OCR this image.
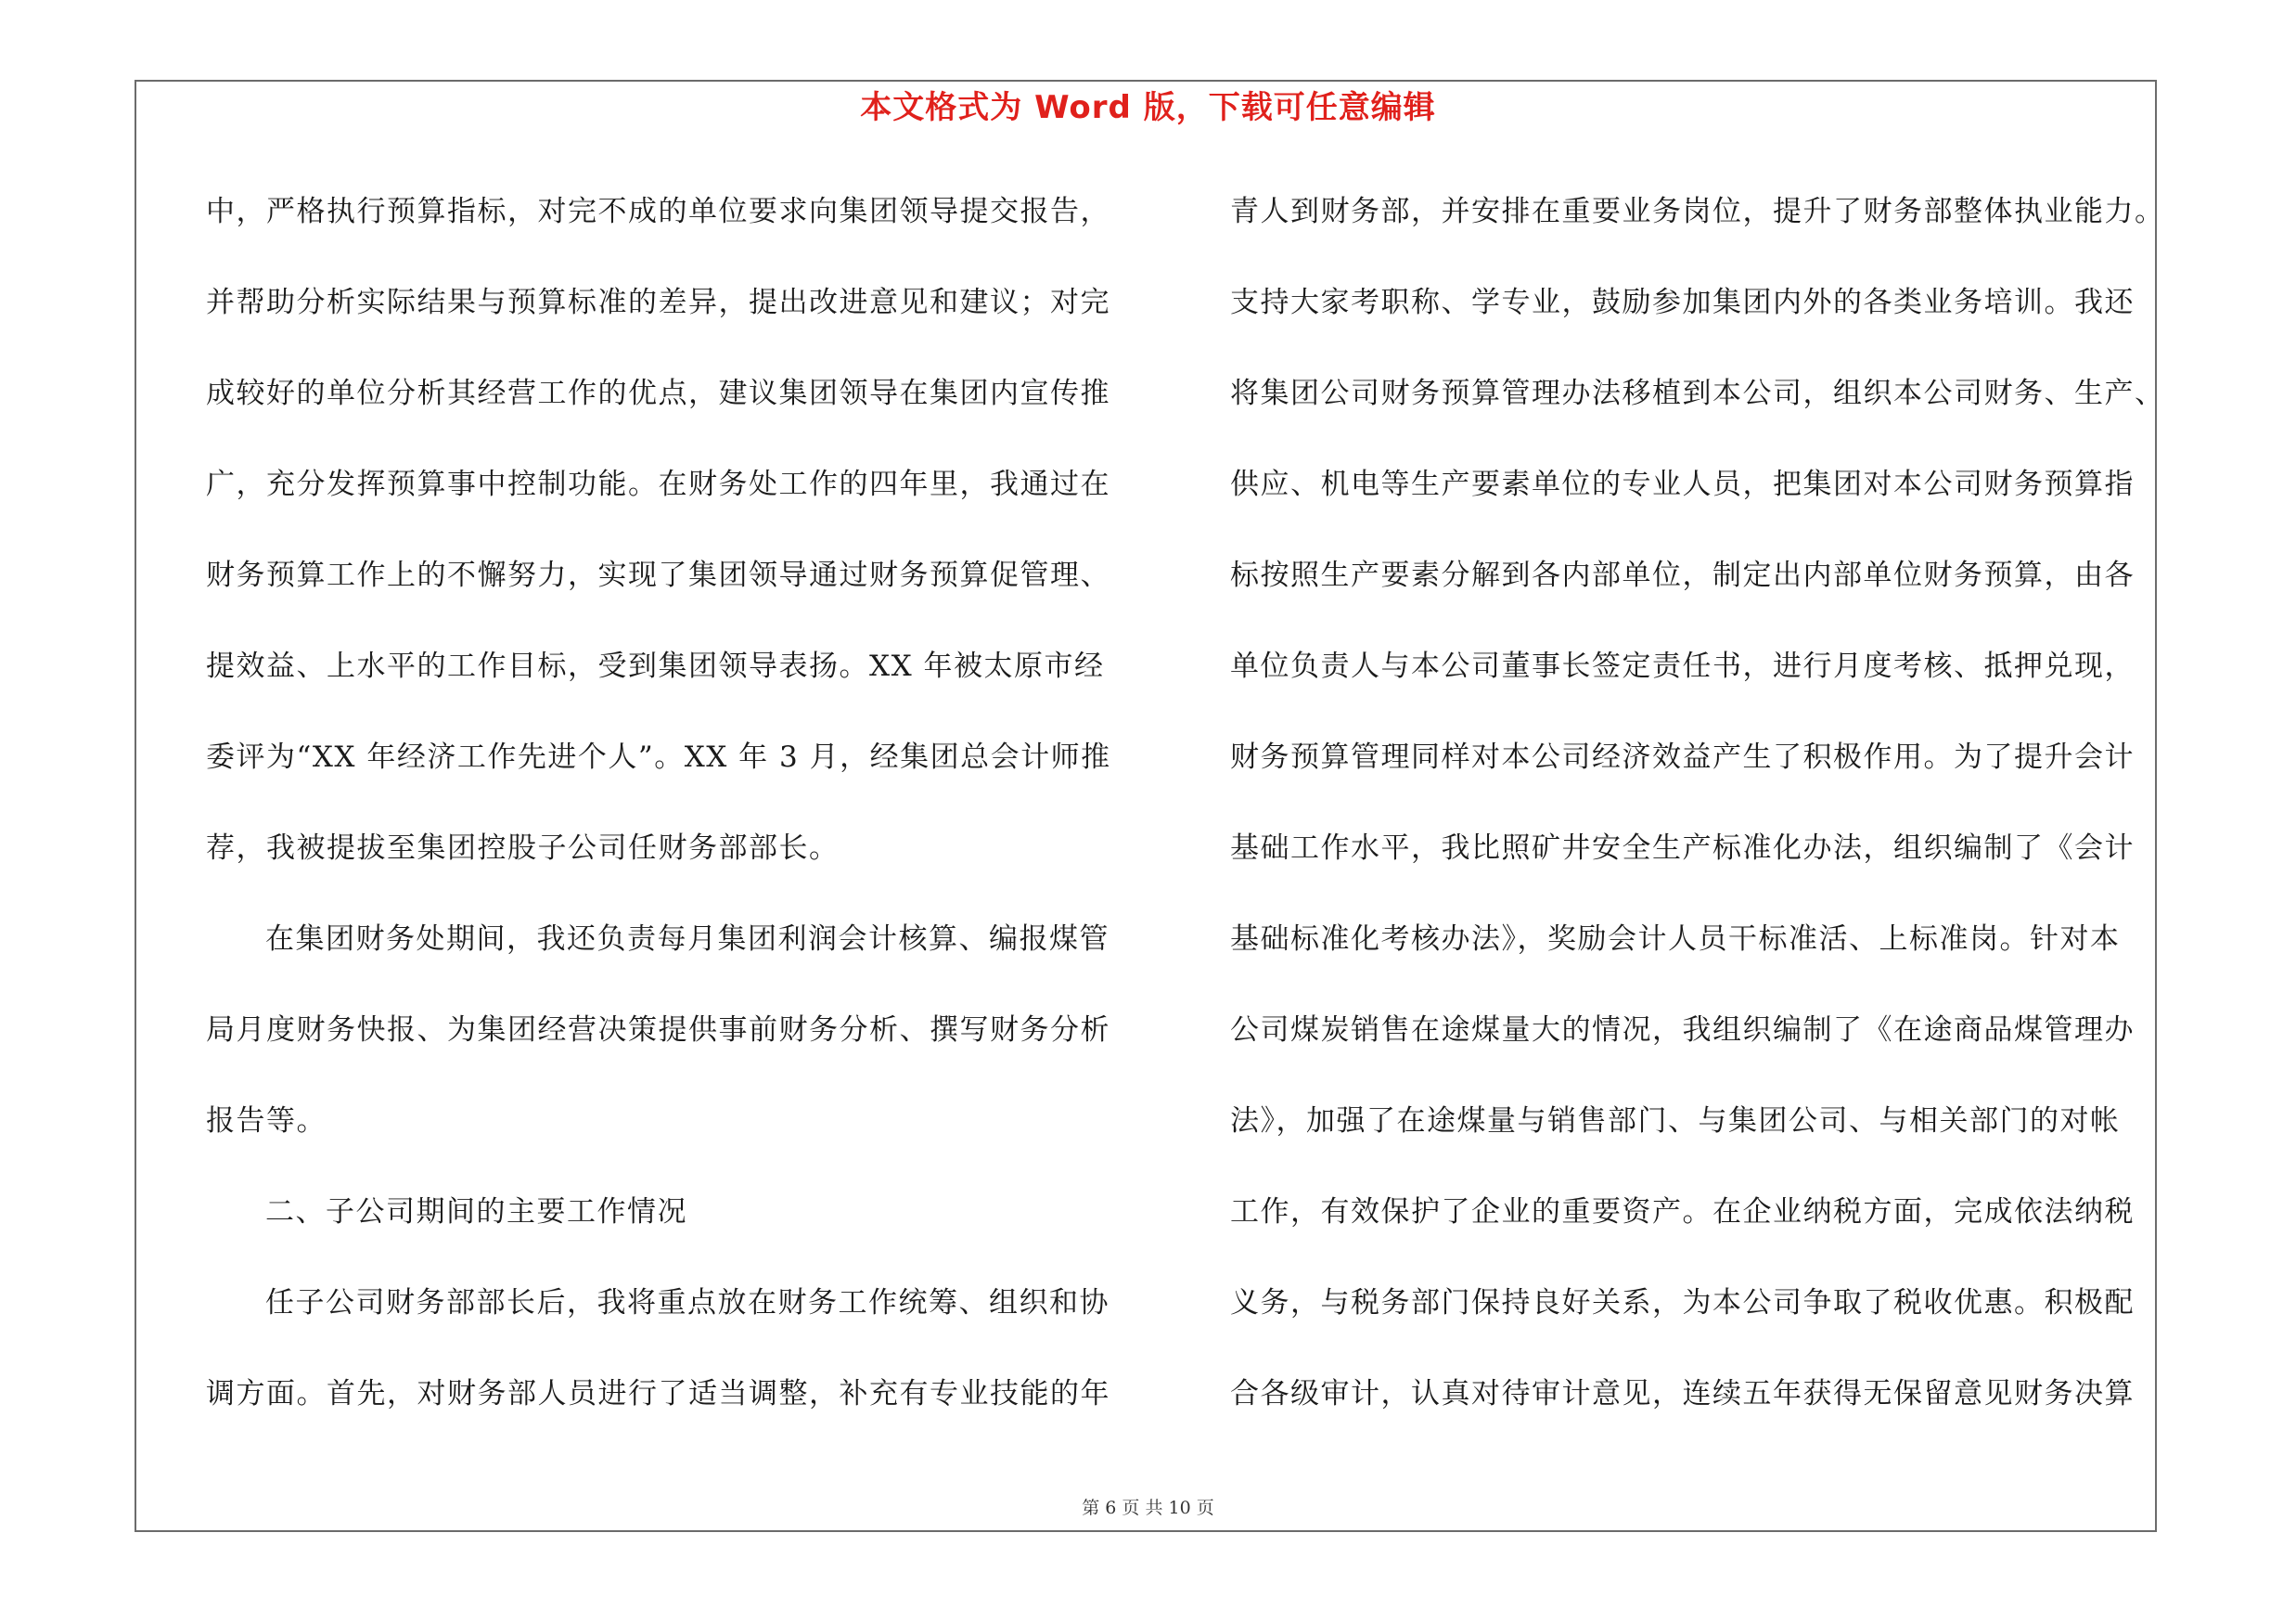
本文格式为 Word 版，下载可任意编辑
中，严格执行预算指标，对完不成的单位要求向集团领导提交报告，
并帮助分析实际结果与预算标准的差异，提出改进意见和建议；对完
成较好的单位分析其经营工作的优点，建议集团领导在集团内宣传推
广，充分发挥预算事中控制功能。在财务处工作的四年里，我通过在
财务预算工作上的不懈努力，实现了集团领导通过财务预算促管理、
提效益、上水平的工作目标，受到集团领导表扬。XX 年被太原市经
委评为“XX 年经济工作先进个人”。XX 年 3 月，经集团总会计师推
荐，我被提拔至集团控股子公司任财务部部长。
在集团财务处期间，我还负责每月集团利润会计核算、编报煤管
局月度财务快报、为集团经营决策提供事前财务分析、撰写财务分析
报告等。
二、子公司期间的主要工作情况
任子公司财务部部长后，我将重点放在财务工作统筹、组织和协
调方面。首先，对财务部人员进行了适当调整，补充有专业技能的年
青人到财务部，并安排在重要业务岗位，提升了财务部整体执业能力。
支持大家考职称、学专业，鼓励参加集团内外的各类业务培训。我还
将集团公司财务预算管理办法移植到本公司，组织本公司财务、生产、
供应、机电等生产要素单位的专业人员，把集团对本公司财务预算指
标按照生产要素分解到各内部单位，制定出内部单位财务预算，由各
单位负责人与本公司董事长签定责任书，进行月度考核、抵押兑现，
财务预算管理同样对本公司经济效益产生了积极作用。为了提升会计
基础工作水平，我比照矿井安全生产标准化办法，组织编制了《会计
基础标准化考核办法》，奖励会计人员干标准活、上标准岗。针对本
公司煤炭销售在途煤量大的情况，我组织编制了《在途商品煤管理办
法》，加强了在途煤量与销售部门、与集团公司、与相关部门的对帐
工作，有效保护了企业的重要资产。在企业纳税方面，完成依法纳税
义务，与税务部门保持良好关系，为本公司争取了税收优惠。积极配
合各级审计，认真对待审计意见，连续五年获得无保留意见财务决算
第 6 页 共 10 页
